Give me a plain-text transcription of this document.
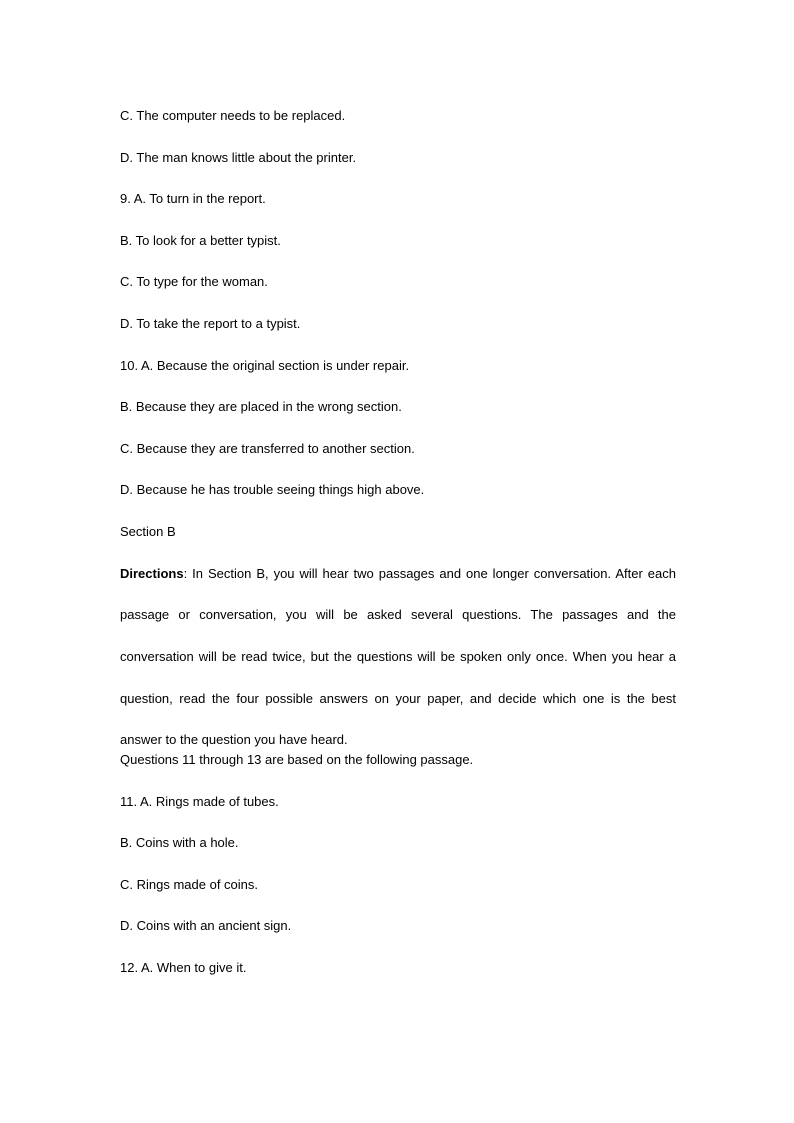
C. The computer needs to be replaced.
D. The man knows little about the printer.
9. A. To turn in the report.
B. To look for a better typist.
C. To type for the woman.
D. To take the report to a typist.
10. A. Because the original section is under repair.
B. Because they are placed in the wrong section.
C. Because they are transferred to another section.
D. Because he has trouble seeing things high above.
Section B

Directions: In Section B, you will hear two passages and one longer conversation. After each passage or conversation, you will be asked several questions. The passages and the conversation will be read twice, but the questions will be spoken only once. When you hear a question, read the four possible answers on your paper, and decide which one is the best answer to the question you have heard.

Questions 11 through 13 are based on the following passage.
11. A. Rings made of tubes.
B. Coins with a hole.
C. Rings made of coins.
D. Coins with an ancient sign.
12. A. When to give it.
